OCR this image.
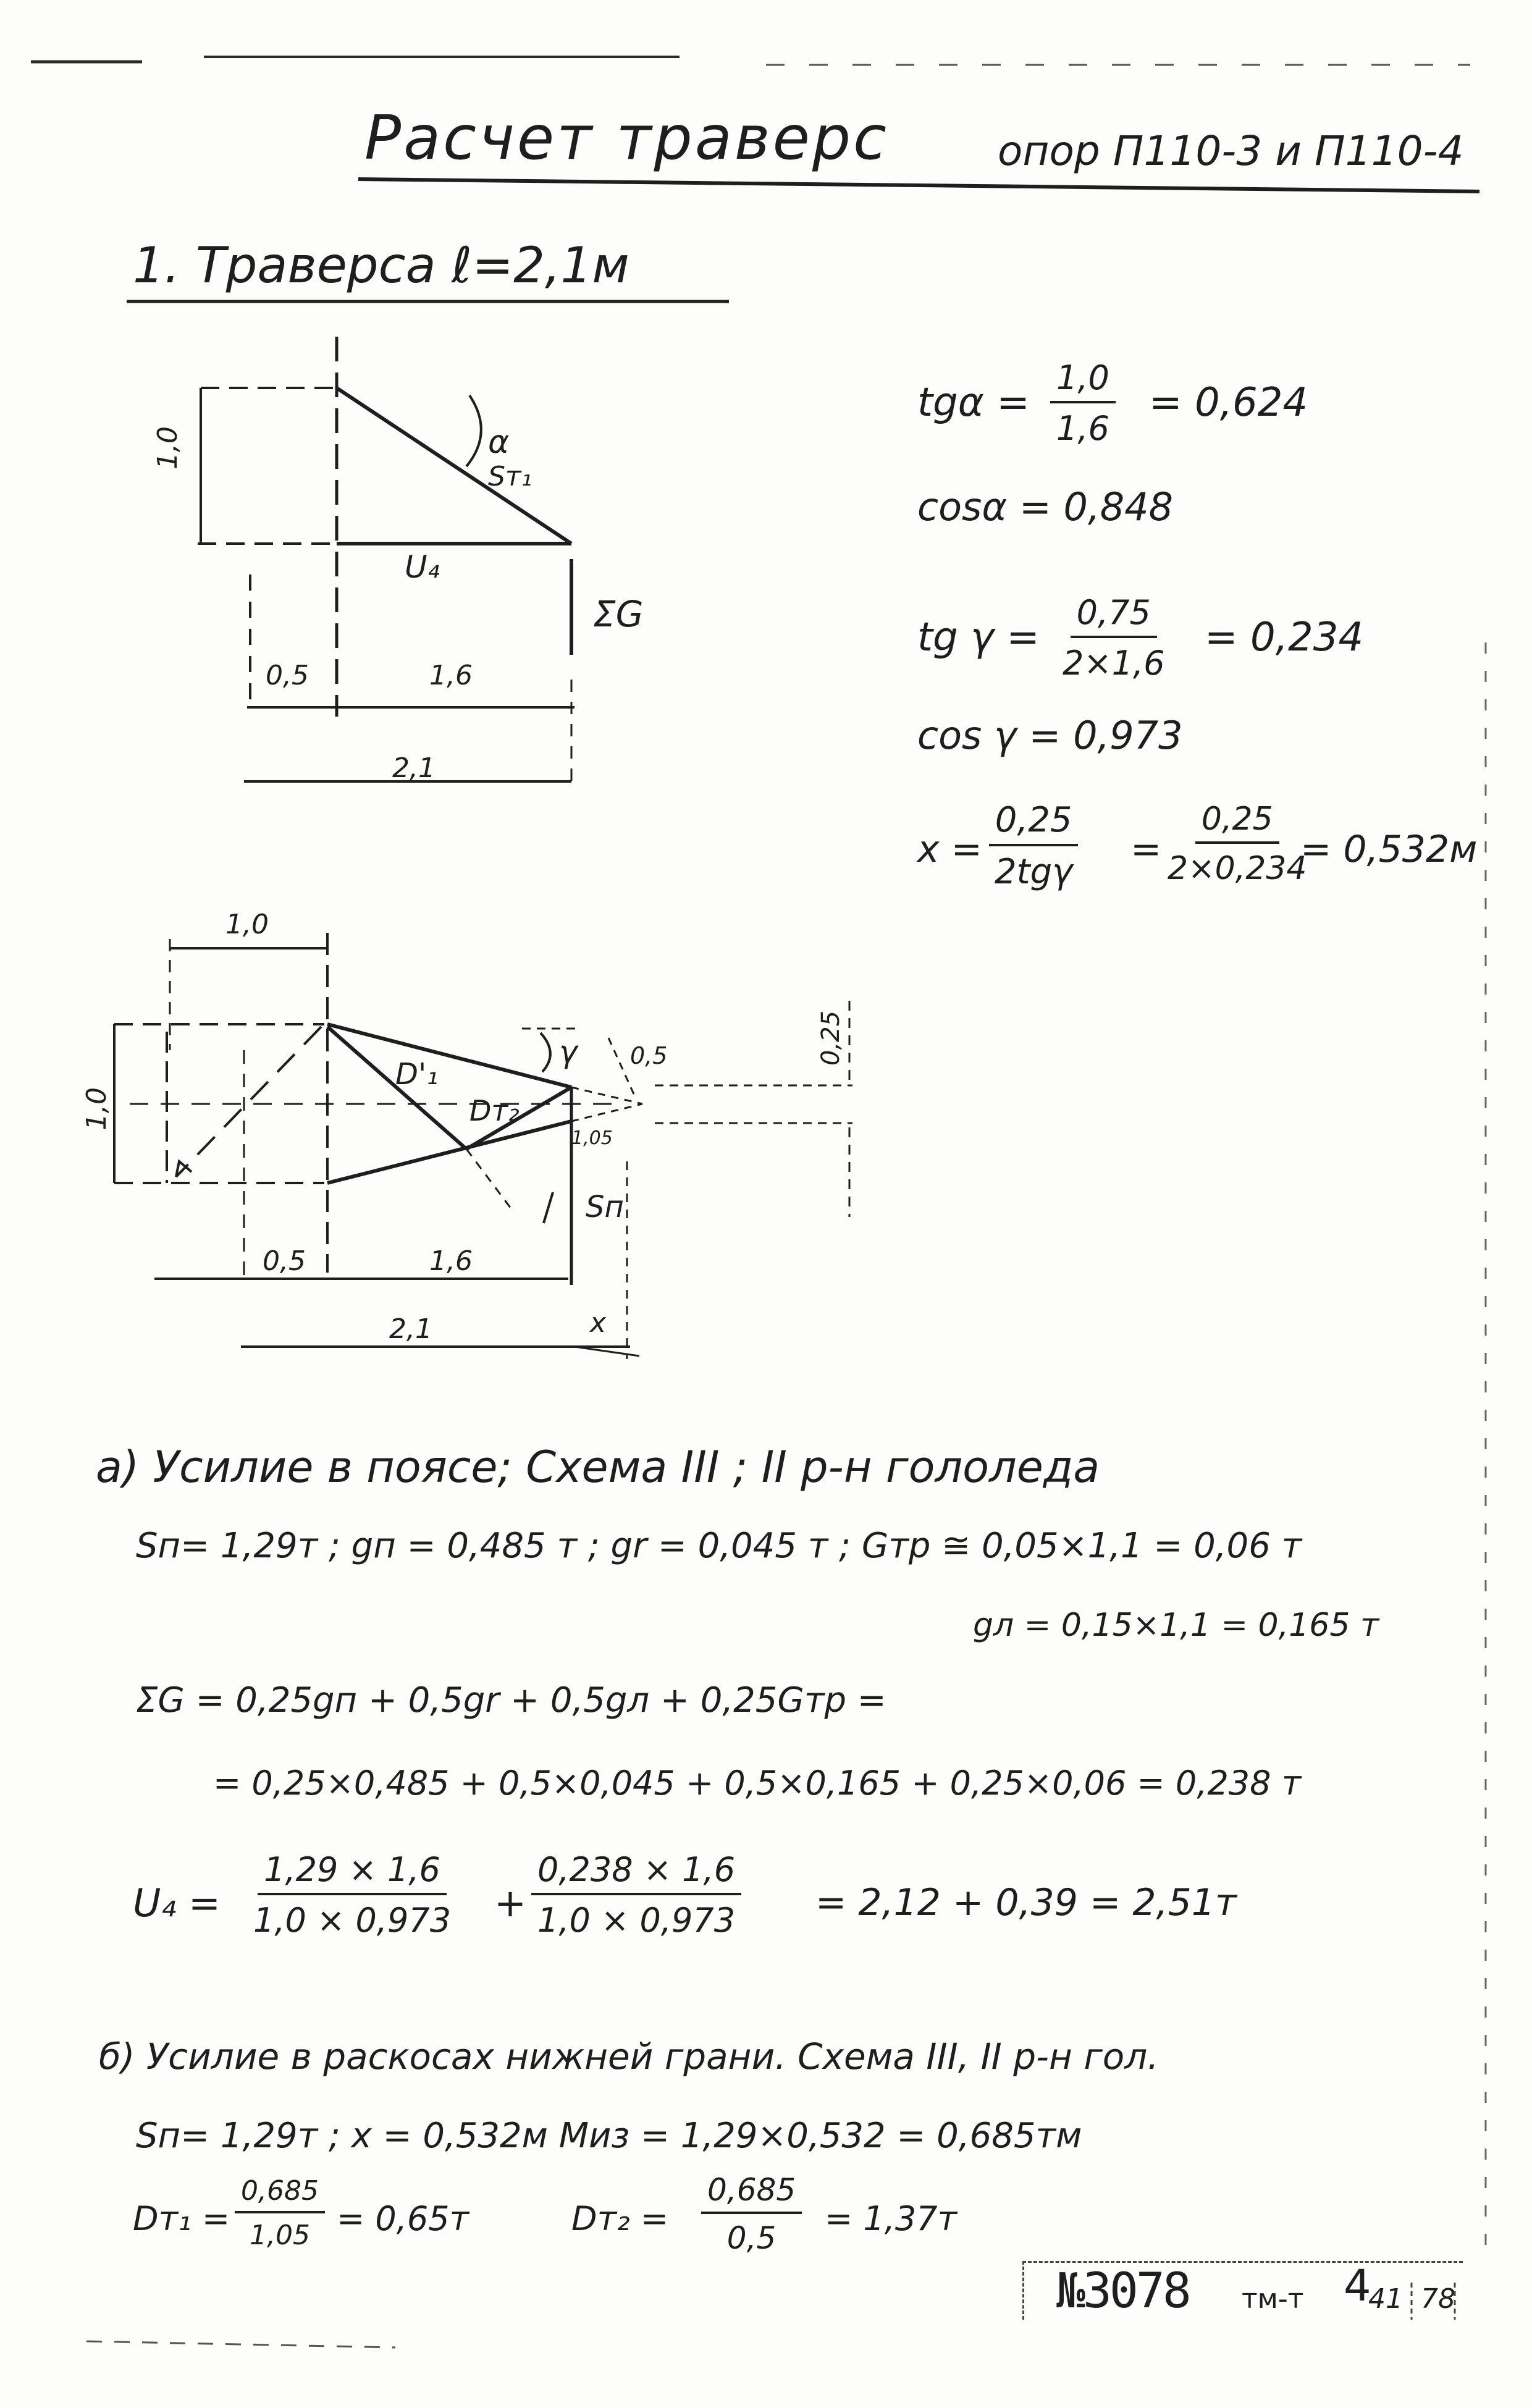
Расчет траверс	опор П110-3 и П110-4
1. Траверса ℓ=2,1м
1,0	α
Sт₁
U₄
ΣG
0,5	1,6
2,1
$tg\alpha = \frac{1,0}{1,6} = 0,624$
cosα = 0,848
tg $\gamma = \frac{0,75}{2\times 1,6} = 0,234$
cos γ = 0,973
x =
0,25
2tgγ
= $\frac{0,25}{2\times 0,234}$
= 0,532м
1,0
1,0
0,25
0,5
1,05
γ
D'₁
Dт₂
Sп
0,5	1,6
2,1	x
а) Усилие в поясе; Схема III ; II р-н гололеда
Sп= 1,29т ; gп = 0,485 т ; gr = 0,045 т ; Gтр ≅ 0,05×1,1 = 0,06 т
gл = 0,15×1,1 = 0,165 т
ΣG = 0,25gп + 0,5gr + 0,5gл + 0,25Gтр =
= 0,25×0,485 + 0,5×0,045 + 0,5×0,165 + 0,25×0,06 = 0,238 т
$U_4 = \frac{1,29 \times 1,6}{1,0 \times 0,973} + \frac{0,238 \times 1,6}{1,0 \times 0,973} = 2,12 + 0,39 = 2,51т$
б) Усилие в раскосах нижней грани. Схема III, II р-н гол.
Sп= 1,29т ; x = 0,532м Mиз = 1,29×0,532 = 0,685тм
$Dт_1 = \frac{0,685}{1,05} = 0,65т$	$Dт_2 = \frac{0,685}{0,5} = 1,37т$
№3078 тм-т 4
41 78
